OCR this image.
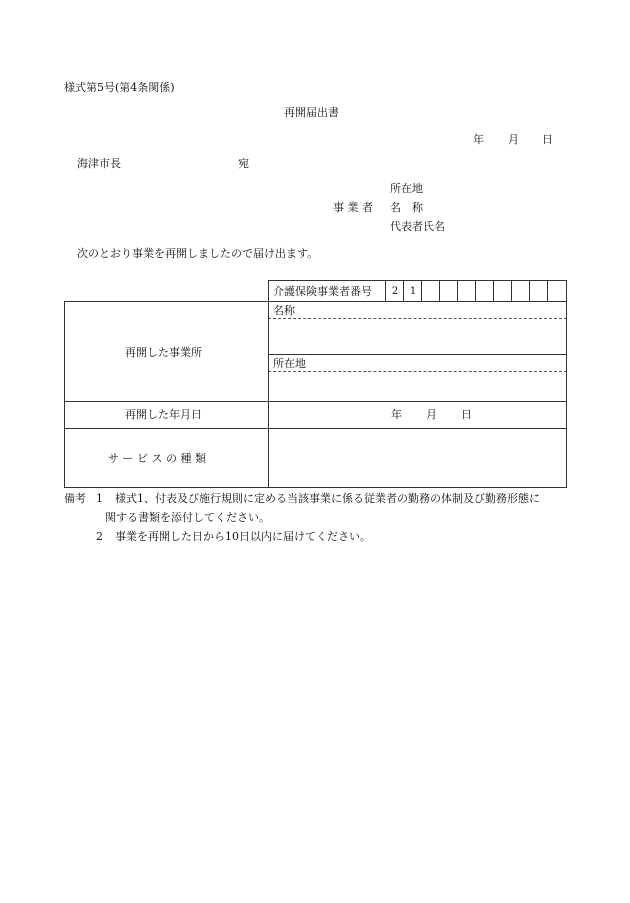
様式第5号(第4条関係)
再開届出書
年 月 日
海津市長	宛
所在地
事 業 者 名　称
代表者氏名
次のとおり事業を再開しましたので届け出ます。
介護保険事業者番号	2	1
再開した事業所
名称
所在地
再開した年月日	年 月 日
サ ー ビ ス の 種 類
備考 1 様式1、付表及び施行規則に定める当該事業に係る従業者の勤務の体制及び勤務形態に
関する書類を添付してください。
2 事業を再開した日から10日以内に届けてください。
